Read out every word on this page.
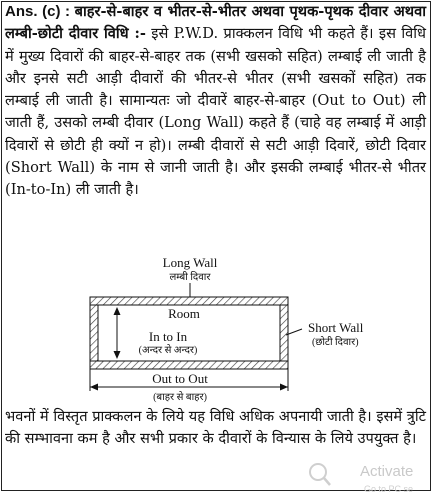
Ans. (c) : बाहर-से-बाहर व भीतर-से-भीतर अथवा पृथक-पृथक दीवार अथवा लम्बी-छोटी दीवार विधि :- इसे P.W.D. प्राक्कलन विधि भी कहते हैं। इस विधि में मुख्य दिवारों की बाहर-से-बाहर तक (सभी खसको सहित) लम्बाई ली जाती है और इनसे सटी आड़ी दीवारों की भीतर-से भीतर (सभी खसकों सहित) तक लम्बाई ली जाती है। सामान्यतः जो दीवारें बाहर-से-बाहर (Out to Out) ली जाती हैं, उसको लम्बी दीवार (Long Wall) कहते हैं (चाहे वह लम्बाई में आड़ी दिवारों से छोटी ही क्यों न हो)। लम्बी दीवारों से सटी आड़ी दिवारें, छोटी दिवार (Short Wall) के नाम से जानी जाती है। और इसकी लम्बाई भीतर-से भीतर (In-to-In) ली जाती है।
Long Wall
लम्बी दिवार
Room
In to In
(अन्दर से अन्दर)
Short Wall
(छोटी दिवार)
Out to Out
(बाहर से बाहर)
भवनों में विस्तृत प्राक्कलन के लिये यह विधि अधिक अपनायी जाती है। इसमें त्रुटि की सम्भावना कम है और सभी प्रकार के दीवारों के विन्यास के लिये उपयुक्त है।
Activate
Go to PC se
